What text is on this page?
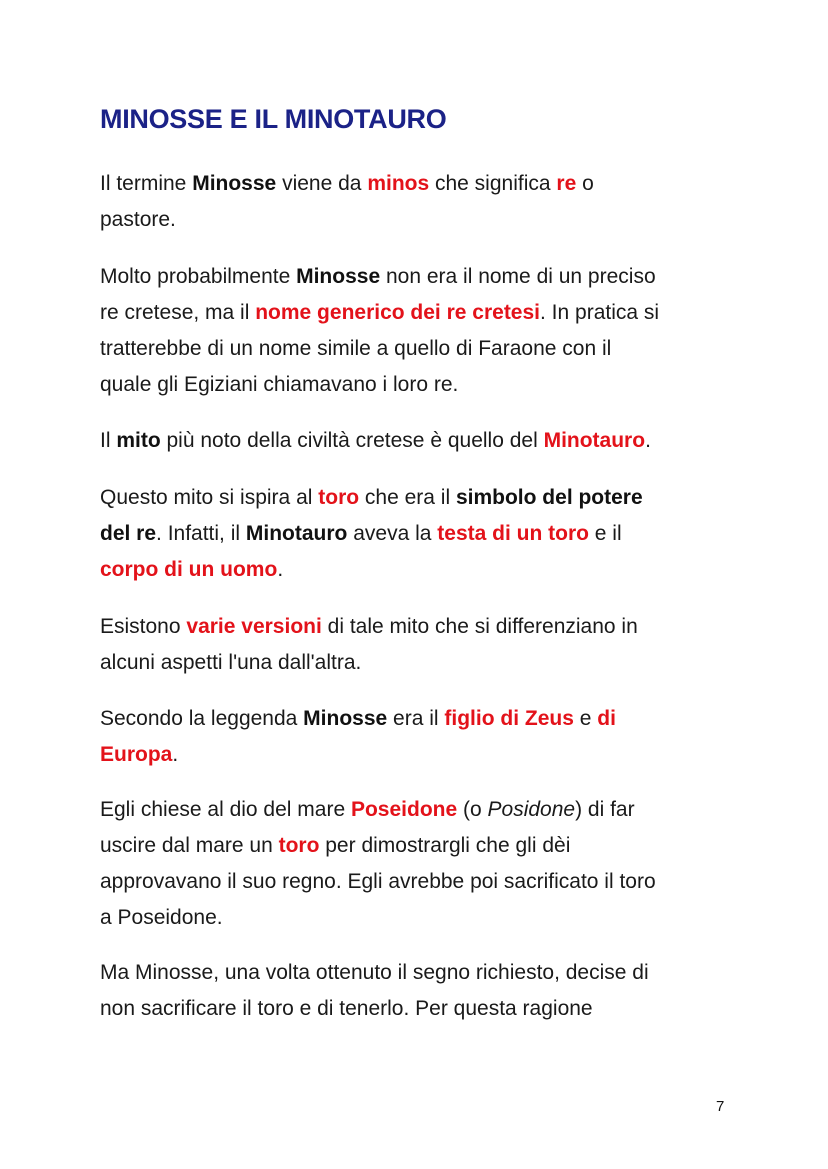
MINOSSE E IL MINOTAURO
Il termine Minosse viene da minos che significa re o
pastore.
Molto probabilmente Minosse non era il nome di un preciso
re cretese, ma il nome generico dei re cretesi. In pratica si
tratterebbe di un nome simile a quello di Faraone con il
quale gli Egiziani chiamavano i loro re.
Il mito più noto della civiltà cretese è quello del Minotauro.
Questo mito si ispira al toro che era il simbolo del potere
del re. Infatti, il Minotauro aveva la testa di un toro e il
corpo di un uomo.
Esistono varie versioni di tale mito che si differenziano in
alcuni aspetti l'una dall'altra.
Secondo la leggenda Minosse era il figlio di Zeus e di
Europa.
Egli chiese al dio del mare Poseidone (o Posidone) di far
uscire dal mare un toro per dimostrargli che gli dèi
approvavano il suo regno. Egli avrebbe poi sacrificato il toro
a Poseidone.
Ma Minosse, una volta ottenuto il segno richiesto, decise di
non sacrificare il toro e di tenerlo. Per questa ragione
7
